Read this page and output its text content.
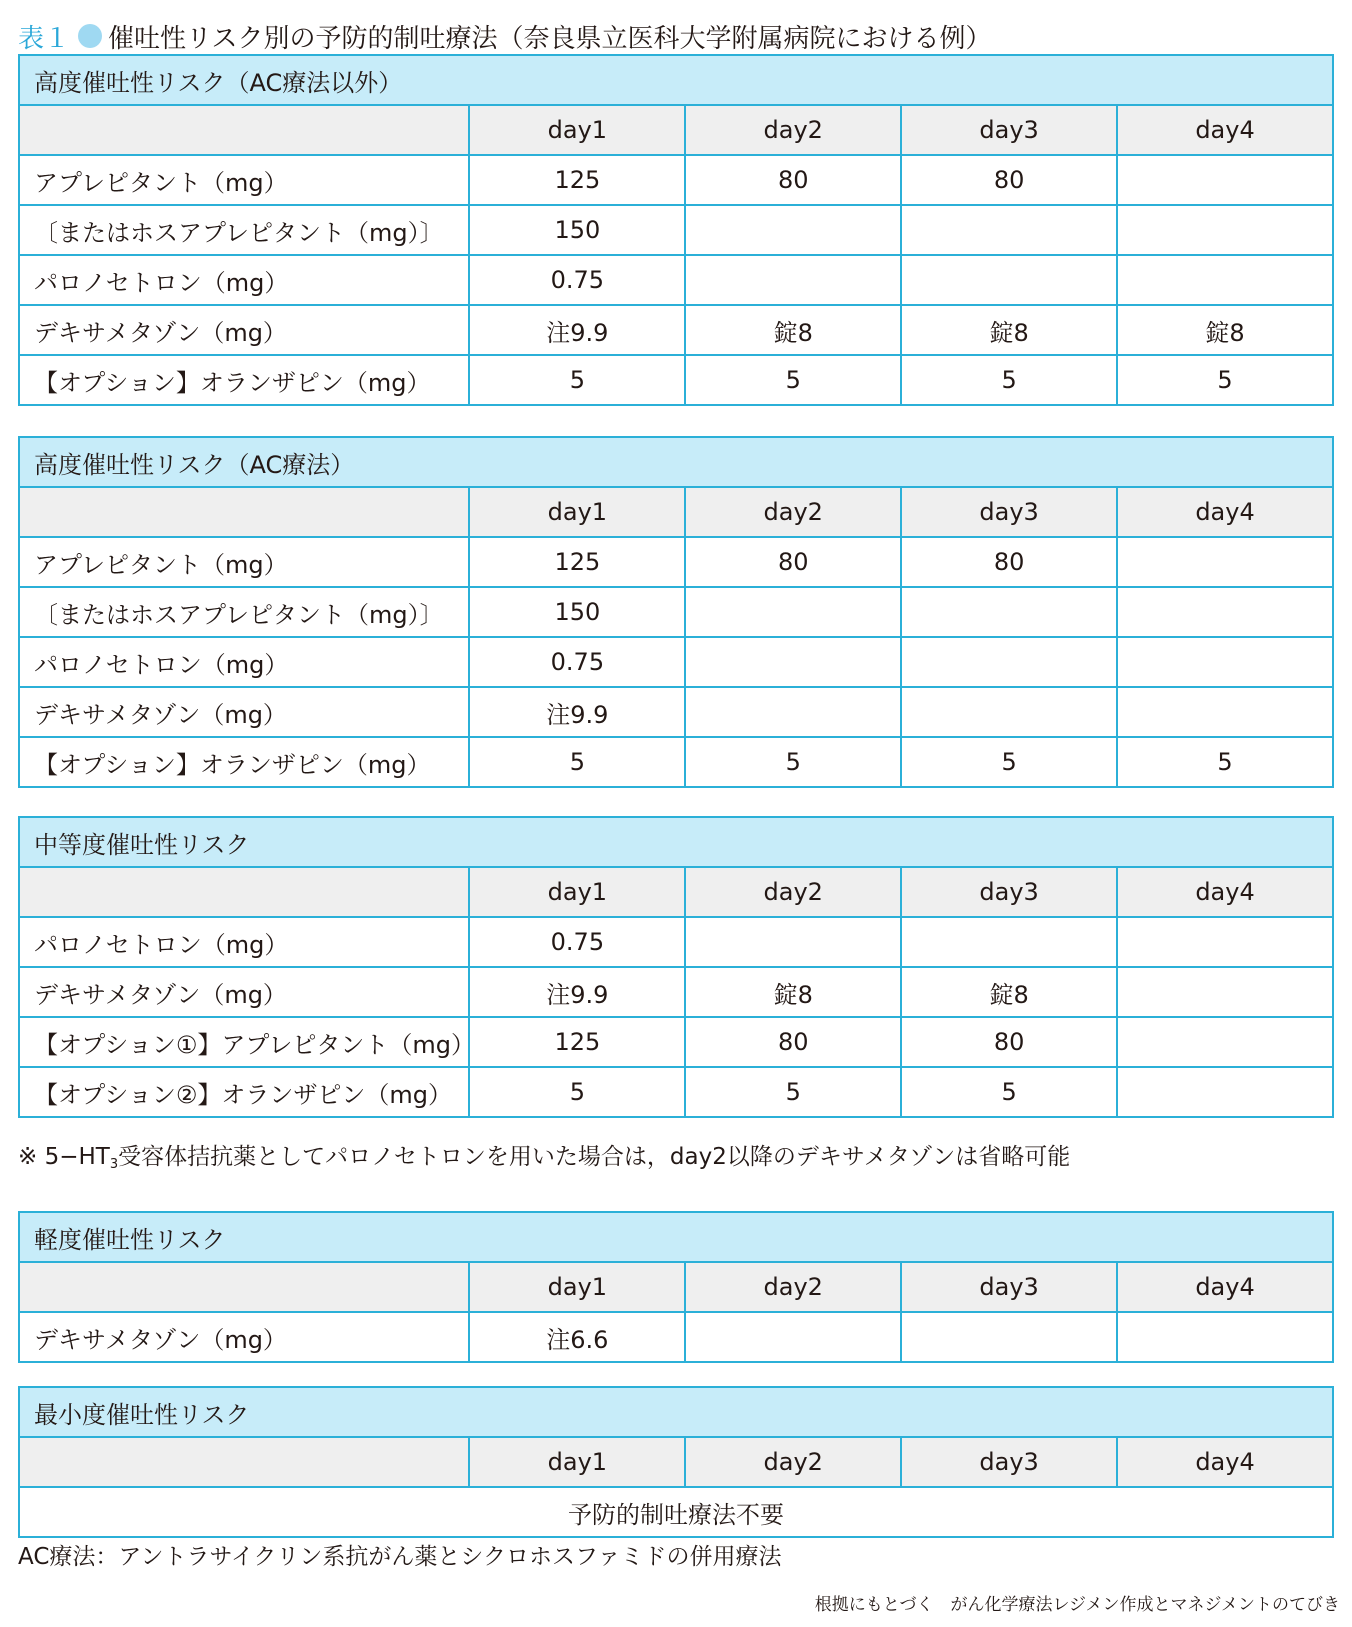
表１ 催吐性リスク別の予防的制吐療法（奈良県立医科大学附属病院における例）
高度催吐性リスク（AC療法以外）				
	day1	day2	day3	day4
アプレピタント（mg）	125	80	80	
〔またはホスアプレピタント（mg）〕	150			
パロノセトロン（mg）	0.75			
デキサメタゾン（mg）	注9.9	錠8	錠8	錠8
【オプション】オランザピン（mg）	5	5	5	5
高度催吐性リスク（AC療法）				
	day1	day2	day3	day4
アプレピタント（mg）	125	80	80	
〔またはホスアプレピタント（mg）〕	150			
パロノセトロン（mg）	0.75			
デキサメタゾン（mg）	注9.9			
【オプション】オランザピン（mg）	5	5	5	5
中等度催吐性リスク				
	day1	day2	day3	day4
パロノセトロン（mg）	0.75			
デキサメタゾン（mg）	注9.9	錠8	錠8	
【オプション①】アプレピタント（mg）	125	80	80	
【オプション②】オランザピン（mg）	5	5	5	
※ $5-HT_3$受容体拮抗薬としてパロノセトロンを用いた場合は，day2以降のデキサメタゾンは省略可能
軽度催吐性リスク				
	day1	day2	day3	day4
デキサメタゾン（mg）	注6.6			
最小度催吐性リスク
	day1	day2	day3	day4
予防的制吐療法不要
AC療法：アントラサイクリン系抗がん薬とシクロホスファミドの併用療法
根拠にもとづく　がん化学療法レジメン作成とマネジメントのてびき
